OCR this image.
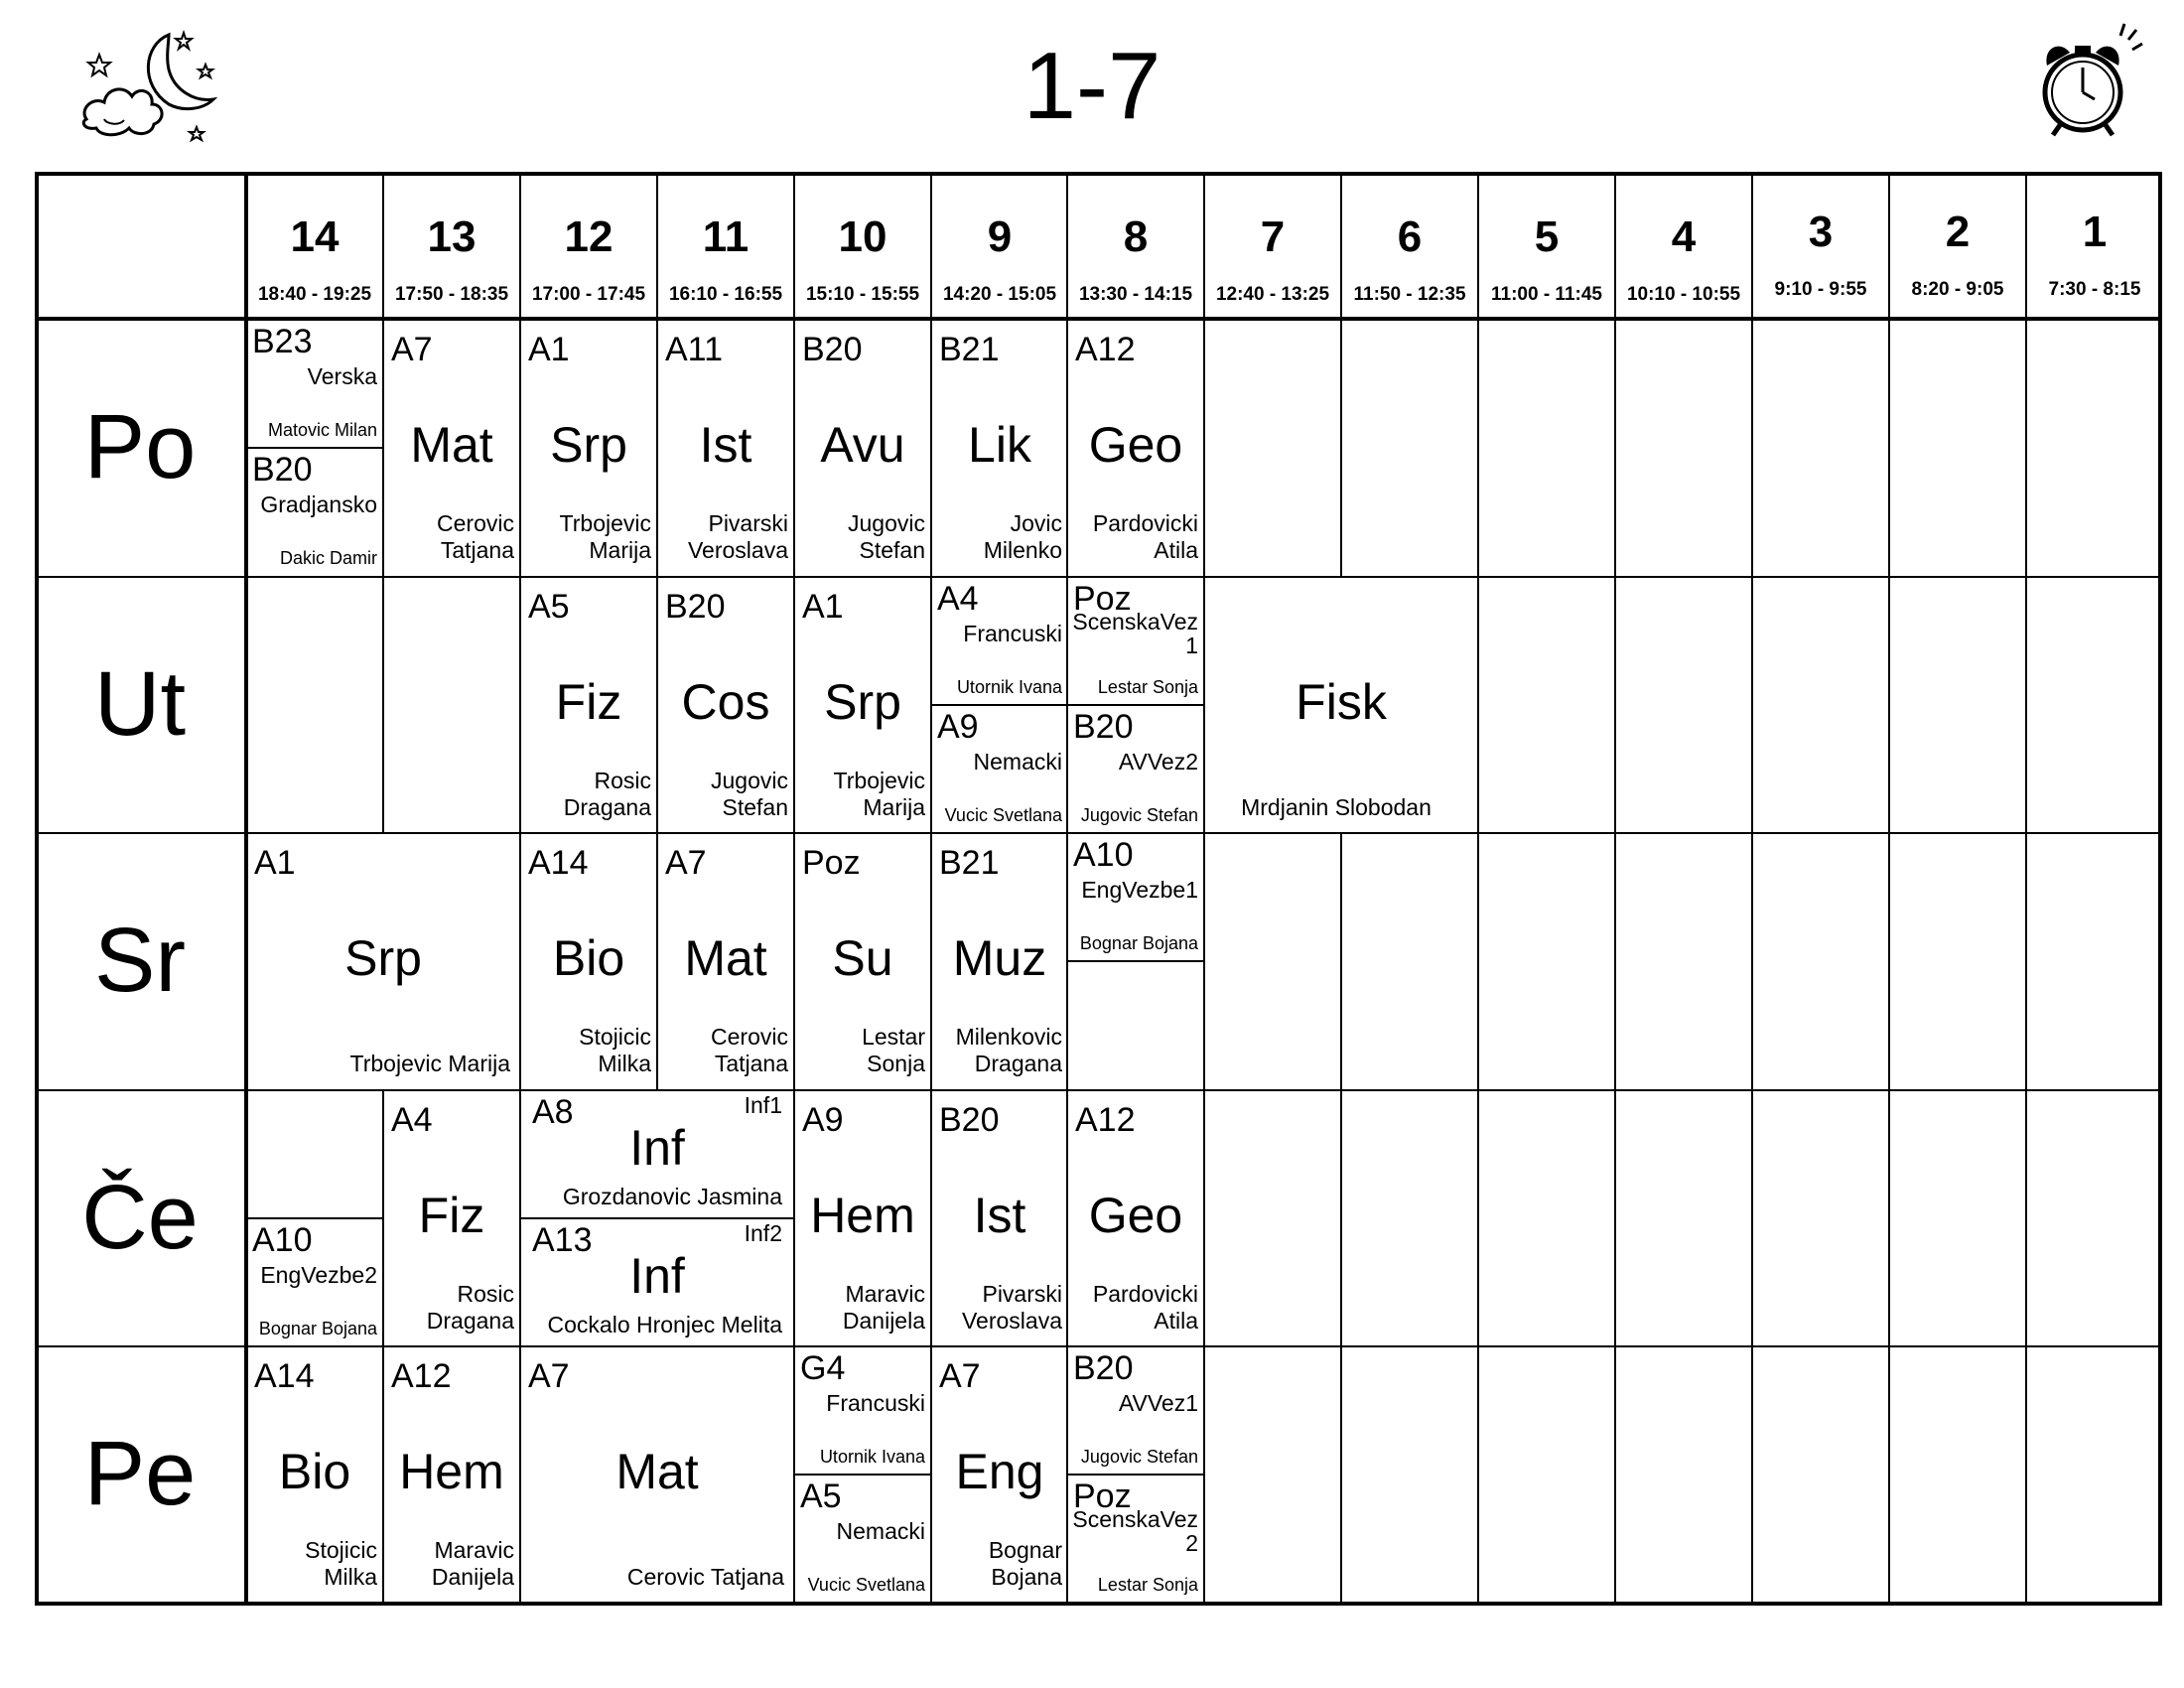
1-7
14
18:40 - 19:25
13
17:50 - 18:35
12
17:00 - 17:45
11
16:10 - 16:55
10
15:10 - 15:55
9
14:20 - 15:05
8
13:30 - 14:15
7
12:40 - 13:25
6
11:50 - 12:35
5
11:00 - 11:45
4
10:10 - 10:55
3
9:10 - 9:55
2
8:20 - 9:05
1
7:30 - 8:15
Po
Ut
Sr
Če
Pe
B23
Verska
Matovic Milan
B20
Gradjansko
Dakic Damir
A7
Mat
Cerovic
Tatjana
A1
Srp
Trbojevic
Marija
A11
Ist
Pivarski
Veroslava
B20
Avu
Jugovic
Stefan
B21
Lik
Jovic
Milenko
A12
Geo
Pardovicki
Atila
A5
Fiz
Rosic
Dragana
B20
Cos
Jugovic
Stefan
A1
Srp
Trbojevic
Marija
A4
Francuski
Utornik Ivana
A9
Nemacki
Vucic Svetlana
Poz
ScenskaVez
1
Lestar Sonja
B20
AVVez2
Jugovic Stefan
Fisk
Mrdjanin Slobodan
A1
Srp
Trbojevic Marija
A14
Bio
Stojicic
Milka
A7
Mat
Cerovic
Tatjana
Poz
Su
Lestar
Sonja
B21
Muz
Milenkovic
Dragana
A10
EngVezbe1
Bognar Bojana
A10
EngVezbe2
Bognar Bojana
A4
Fiz
Rosic
Dragana
A8	Inf1
Inf
Grozdanovic Jasmina
A13	Inf2
Inf
Cockalo Hronjec Melita
A9
Hem
Maravic
Danijela
B20
Ist
Pivarski
Veroslava
A12
Geo
Pardovicki
Atila
A14
Bio
Stojicic
Milka
A12
Hem
Maravic
Danijela
A7
Mat
Cerovic Tatjana
G4
Francuski
Utornik Ivana
A5
Nemacki
Vucic Svetlana
A7
Eng
Bognar
Bojana
B20
AVVez1
Jugovic Stefan
Poz
ScenskaVez
2
Lestar Sonja
